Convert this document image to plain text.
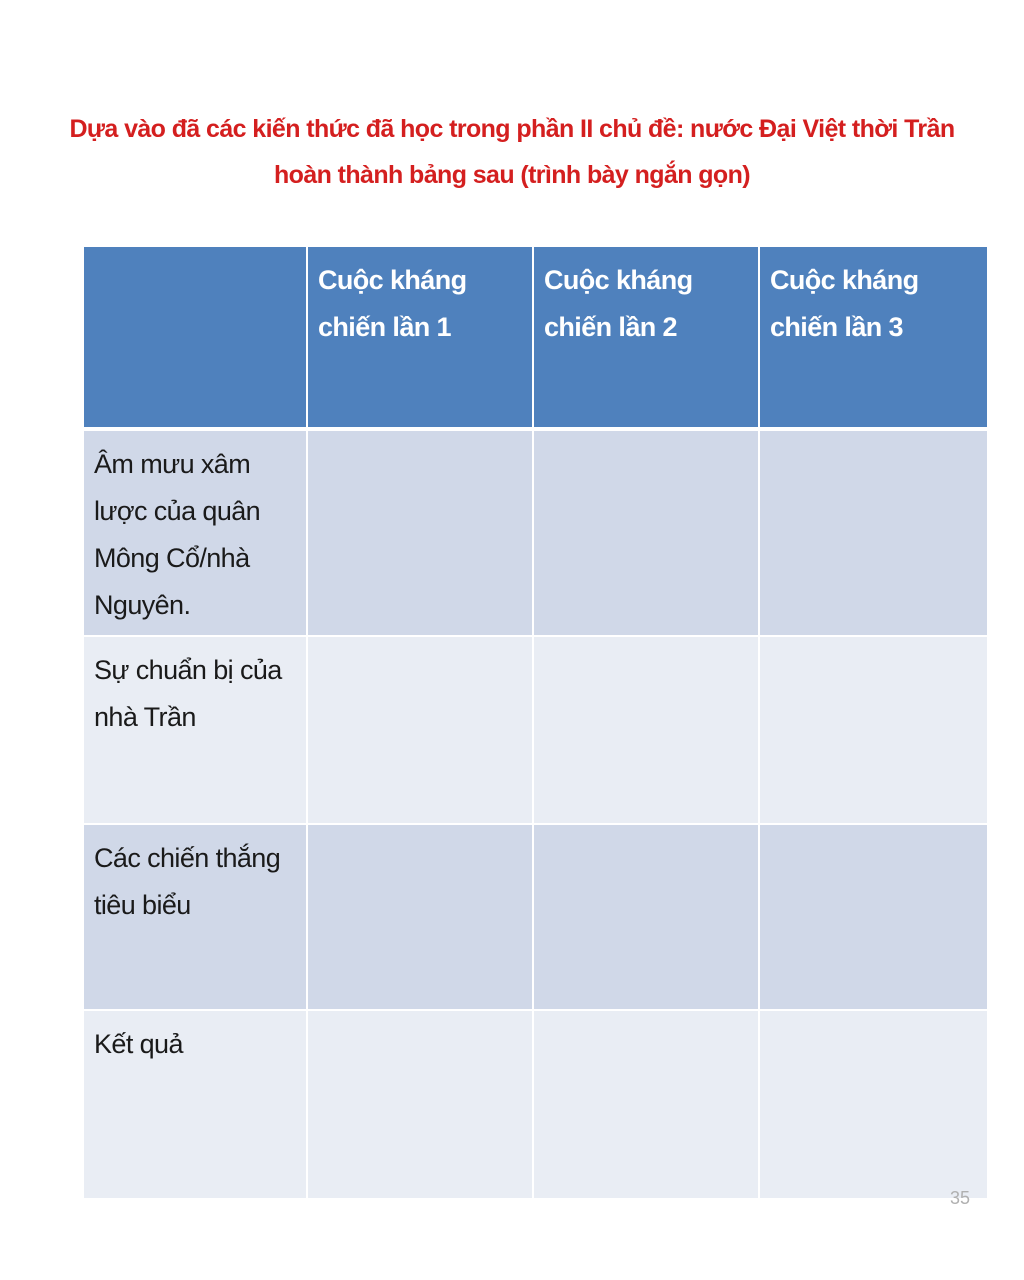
Dựa vào đã các kiến thức đã học trong phần II chủ đề: nước Đại Việt thời Trần
hoàn thành bảng sau (trình bày ngắn gọn)
Cuộc kháng chiến lần 1
Cuộc kháng chiến lần 2
Cuộc kháng chiến lần 3
Âm mưu xâm lược của quân Mông Cổ/nhà Nguyên.
Sự chuẩn bị của nhà Trần
Các chiến thắng tiêu biểu
Kết quả
35
